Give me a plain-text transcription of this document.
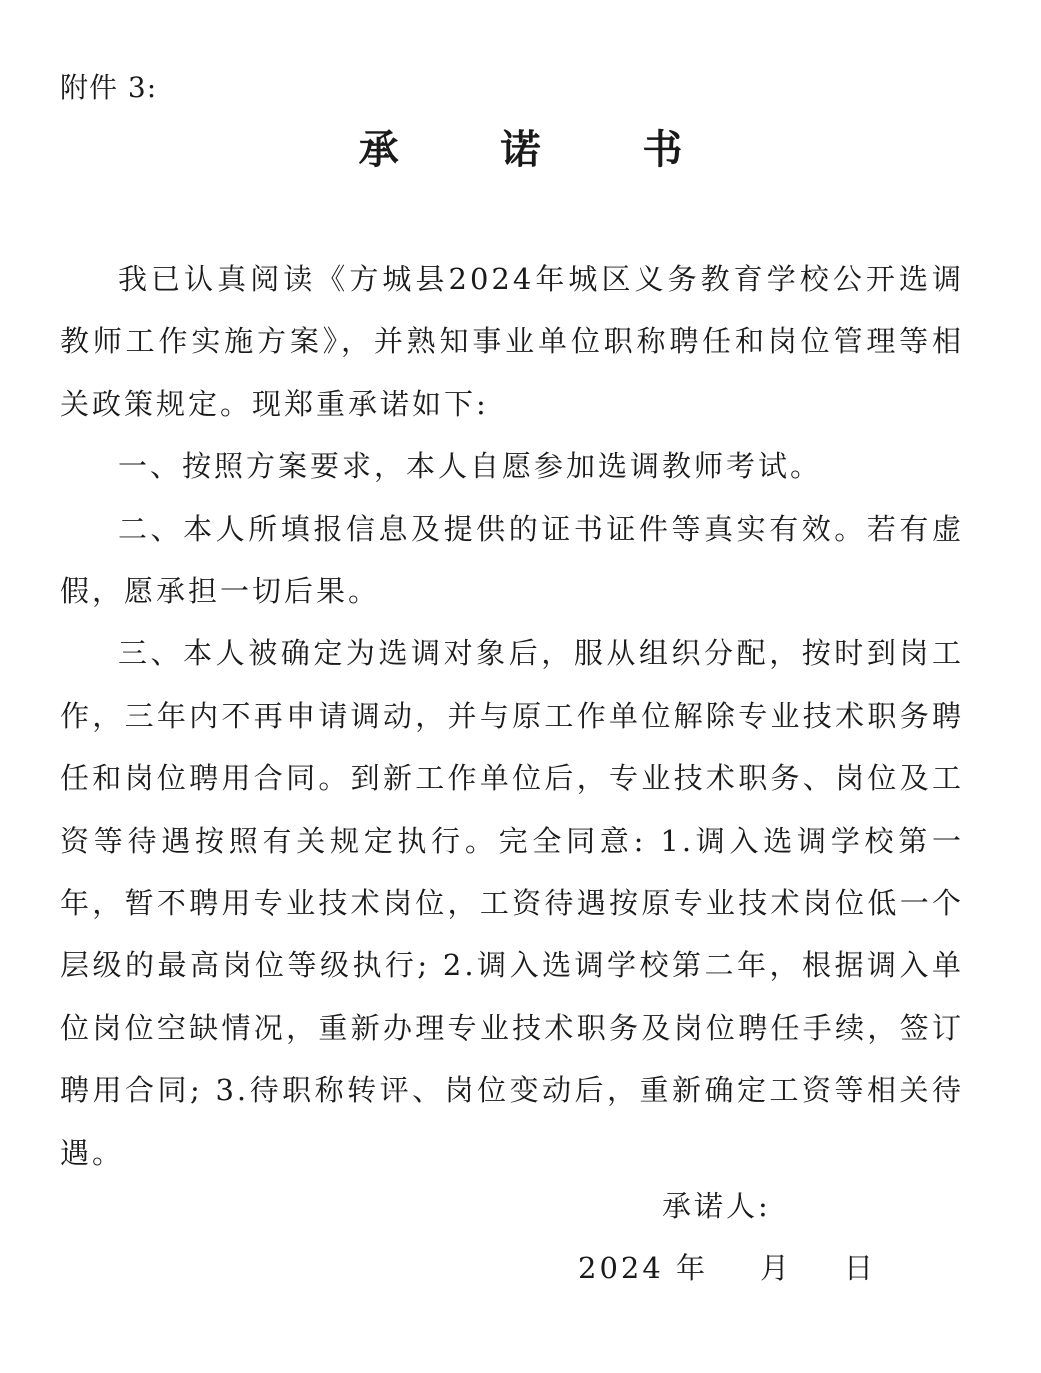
附件 3:
承 诺 书

我已认真阅读《方城县2024年城区义务教育学校公开选调教师工作实施方案》，并熟知事业单位职称聘任和岗位管理等相关政策规定。现郑重承诺如下:

一、按照方案要求，本人自愿参加选调教师考试。

二、本人所填报信息及提供的证书证件等真实有效。若有虚假，愿承担一切后果。

三、本人被确定为选调对象后，服从组织分配，按时到岗工作，三年内不再申请调动，并与原工作单位解除专业技术职务聘任和岗位聘用合同。到新工作单位后，专业技术职务、岗位及工资等待遇按照有关规定执行。完全同意: 1.调入选调学校第一年，暂不聘用专业技术岗位，工资待遇按原专业技术岗位低一个层级的最高岗位等级执行; 2.调入选调学校第二年，根据调入单位岗位空缺情况，重新办理专业技术职务及岗位聘任手续，签订聘用合同; 3.待职称转评、岗位变动后，重新确定工资等相关待遇。

承诺人:
2024 年 月 日
